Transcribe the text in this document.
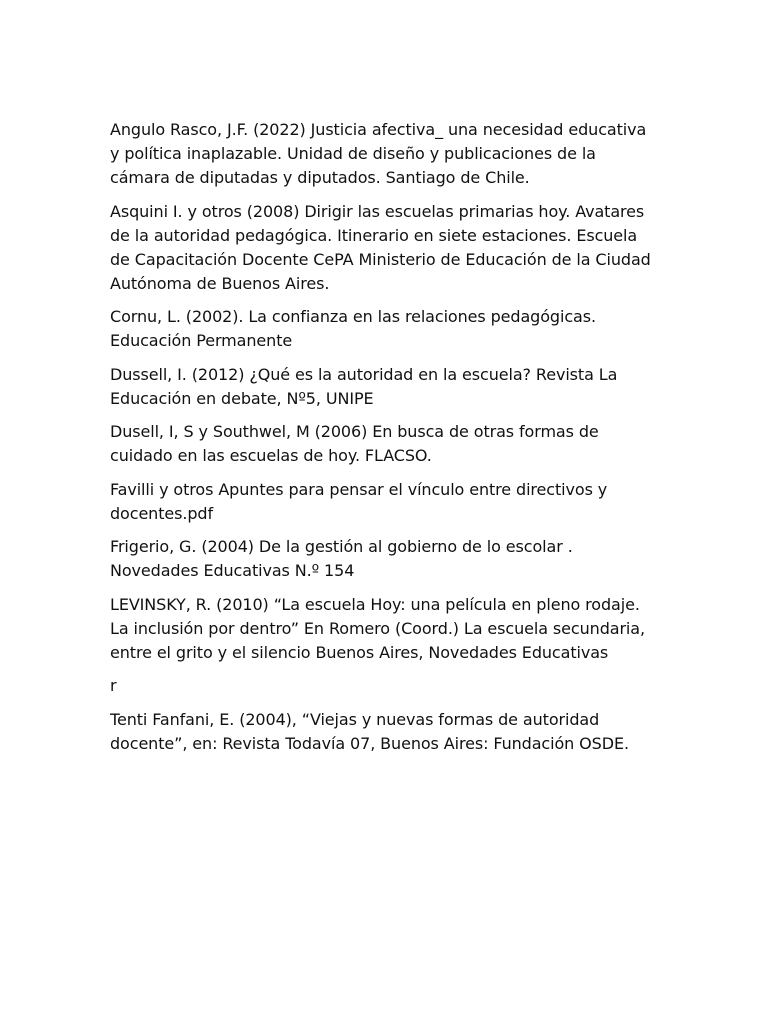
Angulo Rasco, J.F. (2022) Justicia afectiva_ una necesidad educativa y política inaplazable. Unidad de diseño y publicaciones de la cámara de diputadas y diputados. Santiago de Chile.

Asquini I. y otros (2008) Dirigir las escuelas primarias hoy. Avatares de la autoridad pedagógica. Itinerario en siete estaciones. Escuela de Capacitación Docente CePA Ministerio de Educación de la Ciudad Autónoma de Buenos Aires.

Cornu, L. (2002). La confianza en las relaciones pedagógicas. Educación Permanente

Dussell, I. (2012) ¿Qué es la autoridad en la escuela? Revista La Educación en debate, Nº5, UNIPE

Dusell, I, S y Southwel, M (2006) En busca de otras formas de cuidado en las escuelas de hoy. FLACSO.

Favilli y otros Apuntes para pensar el vínculo entre directivos y docentes.pdf

Frigerio, G. (2004) De la gestión al gobierno de lo escolar . Novedades Educativas N.º 154

LEVINSKY, R. (2010) “La escuela Hoy: una película en pleno rodaje. La inclusión por dentro” En Romero (Coord.) La escuela secundaria, entre el grito y el silencio Buenos Aires, Novedades Educativas

r

Tenti Fanfani, E. (2004), “Viejas y nuevas formas de autoridad docente”, en: Revista Todavía 07, Buenos Aires: Fundación OSDE.
